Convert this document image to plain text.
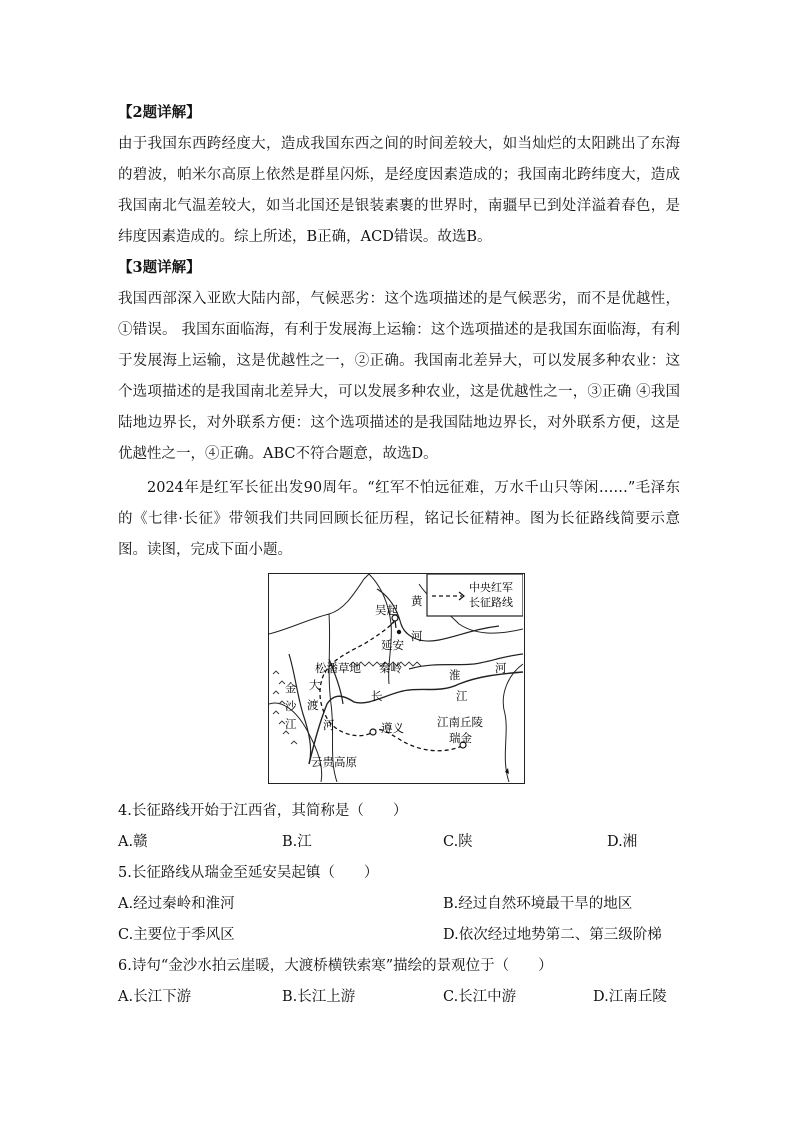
【2题详解】

由于我国东西跨经度大，造成我国东西之间的时间差较大，如当灿烂的太阳跳出了东海的碧波，帕米尔高原上依然是群星闪烁，是经度因素造成的；我国南北跨纬度大，造成我国南北气温差较大，如当北国还是银装素裹的世界时，南疆早已到处洋溢着春色，是纬度因素造成的。综上所述，B正确，ACD错误。故选B。

【3题详解】

我国西部深入亚欧大陆内部，气候恶劣：这个选项描述的是气候恶劣，而不是优越性，①错误。 我国东面临海，有利于发展海上运输：这个选项描述的是我国东面临海，有利于发展海上运输，这是优越性之一，②正确。我国南北差异大，可以发展多种农业：这个选项描述的是我国南北差异大，可以发展多种农业，这是优越性之一，③正确 ④我国陆地边界长，对外联系方便：这个选项描述的是我国陆地边界长，对外联系方便，这是优越性之一，④正确。ABC不符合题意，故选D。

2024年是红军长征出发90周年。“红军不怕远征难，万水千山只等闲……”毛泽东的《七律·长征》带领我们共同回顾长征历程，铭记长征精神。图为长征路线简要示意图。读图，完成下面小题。

中央红军
长征路线
吴起
黄
河
延安
松潘草地 秦岭	淮	河
大
金
沙
江
渡
河
长	江
遵义	江南丘陵
瑞金
云贵高原
4.长征路线开始于江西省，其简称是（　　）
A.赣	B.江	C.陕	D.湘
5.长征路线从瑞金至延安吴起镇（　　）
A.经过秦岭和淮河	B.经过自然环境最干旱的地区
C.主要位于季风区	D.依次经过地势第二、第三级阶梯
6.诗句“金沙水拍云崖暖，大渡桥横铁索寒”描绘的景观位于（　　）
A.长江下游	B.长江上游	C.长江中游	D.江南丘陵
